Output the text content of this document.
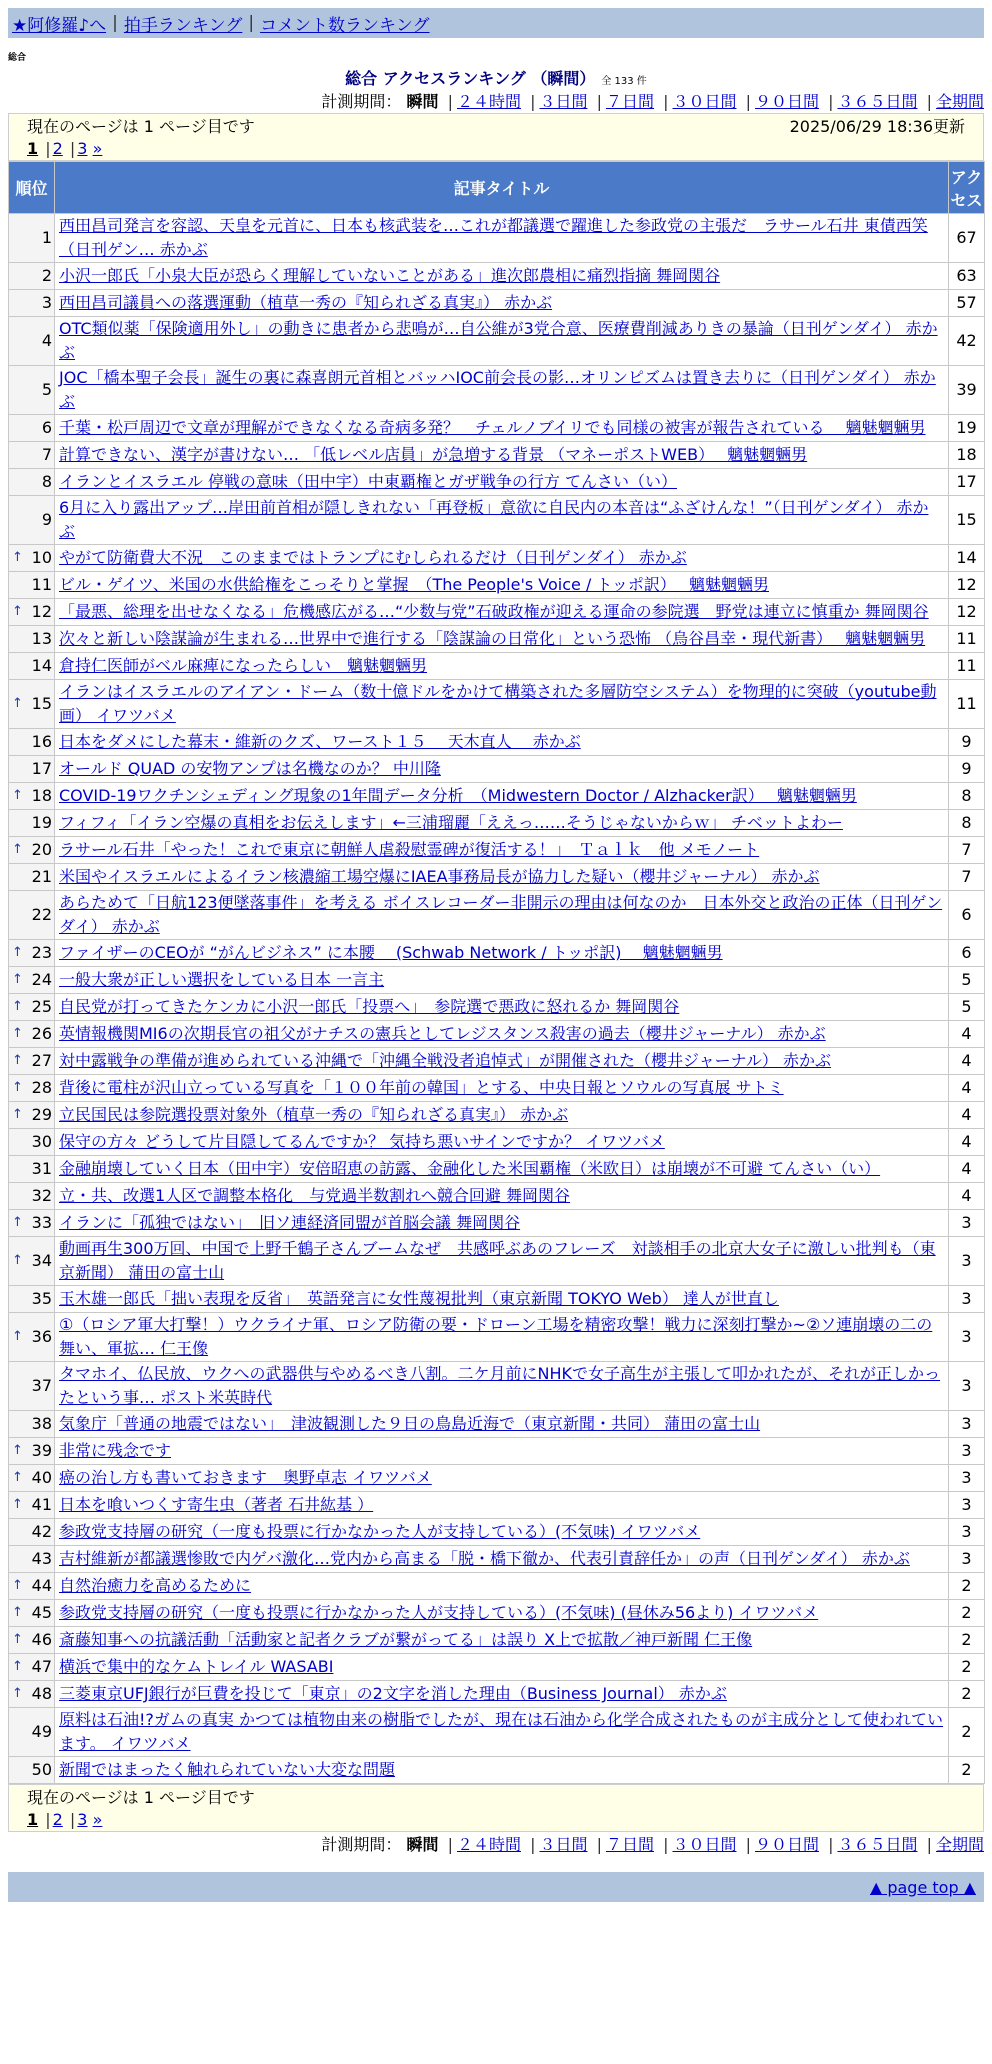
★阿修羅♪へ | 拍手ランキング | コメント数ランキング
総合
総合 アクセスランキング （瞬間） 全 133 件
計測期間： 瞬間 | ２４時間 | ３日間 | ７日間 | ３０日間 | ９０日間 | ３６５日間 | 全期間
現在のページは 1 ページ目です	2025/06/29 18:36更新
1 | 2 | 3 »
順位	記事タイトル	アクセス
1	西田昌司発言を容認、天皇を元首に、日本も核武装を…これが都議選で躍進した参政党の主張だ　ラサール石井 東債西笑（日刊ゲン… 赤かぶ	67
2	小沢一郎氏「小泉大臣が恐らく理解していないことがある」進次郎農相に痛烈指摘 舞岡関谷	63
3	西田昌司議員への落選運動（植草一秀の『知られざる真実』） 赤かぶ	57
4	OTC類似薬「保険適用外し」の動きに患者から悲鳴が…自公維が3党合意、医療費削減ありきの暴論（日刊ゲンダイ） 赤かぶ	42
5	JOC「橋本聖子会長」誕生の裏に森喜朗元首相とバッハIOC前会長の影…オリンピズムは置き去りに（日刊ゲンダイ） 赤かぶ	39
6	千葉・松戸周辺で文章が理解ができなくなる奇病多発？　チェルノブイリでも同様の被害が報告されている　 魑魅魍魎男	19
7	計算できない、漢字が書けない… 「低レベル店員」が急増する背景 （マネーポストWEB）　 魑魅魍魎男	18
8	イランとイスラエル 停戦の意味（田中宇）中東覇権とガザ戦争の行方 てんさい（い）	17
9	6月に入り露出アップ…岸田前首相が隠しきれない「再登板」意欲に自民内の本音は“ふざけんな！”（日刊ゲンダイ） 赤かぶ	15

↑ 10	やがて防衛費大不況　このままではトランプにむしられるだけ（日刊ゲンダイ） 赤かぶ	14
11	ビル・ゲイツ、米国の水供給権をこっそりと掌握　（The People's Voice / トッポ訳）　 魑魅魍魎男	12

↑ 12	「最悪、総理を出せなくなる」危機感広がる…“少数与党”石破政権が迎える運命の参院選　野党は連立に慎重か 舞岡関谷	12
13	次々と新しい陰謀論が生まれる…世界中で進行する「陰謀論の日常化」という恐怖 （烏谷昌幸・現代新書）　 魑魅魍魎男	11
14	倉持仁医師がベル麻痺になったらしい　魑魅魍魎男	11

↑ 15	イランはイスラエルのアイアン・ドーム（数十億ドルをかけて構築された多層防空システム）を物理的に突破（youtube動画） イワツバメ	11
16	日本をダメにした幕末・維新のクズ、ワースト１５　 天木直人　 赤かぶ	9
17	オールド QUAD の安物アンプは名機なのか？ 中川隆	9

↑ 18	COVID-19ワクチンシェディング現象の1年間データ分析　（Midwestern Doctor / Alzhacker訳）　 魑魅魍魎男	8
19	フィフィ「イラン空爆の真相をお伝えします」←三浦瑠麗「ええっ……そうじゃないからｗ」 チベットよわー	8

↑ 20	ラサール石井「やった！これで東京に朝鮮人虐殺慰霊碑が復活する！」　Ｔａｌｋ　他 メモノート	7
21	米国やイスラエルによるイラン核濃縮工場空爆にIAEA事務局長が協力した疑い（櫻井ジャーナル） 赤かぶ	7
22	あらためて「日航123便墜落事件」を考える ボイスレコーダー非開示の理由は何なのか　日本外交と政治の正体（日刊ゲンダイ） 赤かぶ	6

↑ 23	ファイザーのCEOが “がんビジネス” に本腰 　(Schwab Network / トッポ訳)　 魑魅魍魎男	6

↑ 24	一般大衆が正しい選択をしている日本 一言主	5

↑ 25	自民党が打ってきたケンカに小沢一郎氏「投票へ」　参院選で悪政に怒れるか 舞岡関谷	5

↑ 26	英情報機関MI6の次期長官の祖父がナチスの憲兵としてレジスタンス殺害の過去（櫻井ジャーナル） 赤かぶ	4

↑ 27	対中露戦争の準備が進められている沖縄で「沖縄全戦没者追悼式」が開催された（櫻井ジャーナル） 赤かぶ	4

↑ 28	背後に電柱が沢山立っている写真を「１００年前の韓国」とする、中央日報とソウルの写真展 サトミ	4

↑ 29	立民国民は参院選投票対象外（植草一秀の『知られざる真実』） 赤かぶ	4
30	保守の方々 どうして片目隠してるんですか？ 気持ち悪いサインですか？ イワツバメ	4
31	金融崩壊していく日本（田中宇）安倍昭恵の訪露、金融化した米国覇権（米欧日）は崩壊が不可避 てんさい（い）	4
32	立・共、改選1人区で調整本格化　与党過半数割れへ競合回避 舞岡関谷	4

↑ 33	イランに「孤独ではない」　旧ソ連経済同盟が首脳会議 舞岡関谷	3

↑ 34	動画再生300万回、中国で上野千鶴子さんブームなぜ　共感呼ぶあのフレーズ　対談相手の北京大女子に激しい批判も（東京新聞） 蒲田の富士山	3
35	玉木雄一郎氏「拙い表現を反省」　英語発言に女性蔑視批判（東京新聞 TOKYO Web） 達人が世直し	3

↑ 36	①（ロシア軍大打撃！）ウクライナ軍、ロシア防衛の要・ドローン工場を精密攻撃！戦力に深刻打撃か~②ソ連崩壊の二の舞い、軍拡… 仁王像	3
37	タマホイ、仏民放、ウクへの武器供与やめるべき八割。二ケ月前にNHKで女子高生が主張して叩かれたが、それが正しかったという事… ポスト米英時代	3
38	気象庁「普通の地震ではない」　津波観測した９日の鳥島近海で（東京新聞・共同） 蒲田の富士山	3

↑ 39	非常に残念です	3

↑ 40	癌の治し方も書いておきます　奥野卓志 イワツバメ	3

↑ 41	日本を喰いつくす寄生虫（著者 石井紘基 ）	3
42	参政党支持層の研究（一度も投票に行かなかった人が支持している）(不気味) イワツバメ	3
43	吉村維新が都議選惨敗で内ゲバ激化…党内から高まる「脱・橋下徹か、代表引責辞任か」の声（日刊ゲンダイ） 赤かぶ	3

↑ 44	自然治癒力を高めるために	2

↑ 45	参政党支持層の研究（一度も投票に行かなかった人が支持している）(不気味) (昼休み56より) イワツバメ	2

↑ 46	斎藤知事への抗議活動「活動家と記者クラブが繋がってる」は誤り X上で拡散／神戸新聞 仁王像	2

↑ 47	横浜で集中的なケムトレイル WASABI	2

↑ 48	三菱東京UFJ銀行が巨費を投じて「東京」の2文字を消した理由（Business Journal） 赤かぶ	2
49	原料は石油!?ガムの真実 かつては植物由来の樹脂でしたが、現在は石油から化学合成されたものが主成分として使われています。 イワツバメ	2
50	新聞ではまったく触れられていない大変な問題	2
現在のページは 1 ページ目です
1 | 2 | 3 »
計測期間： 瞬間 | ２４時間 | ３日間 | ７日間 | ３０日間 | ９０日間 | ３６５日間 | 全期間
▲ page top ▲
